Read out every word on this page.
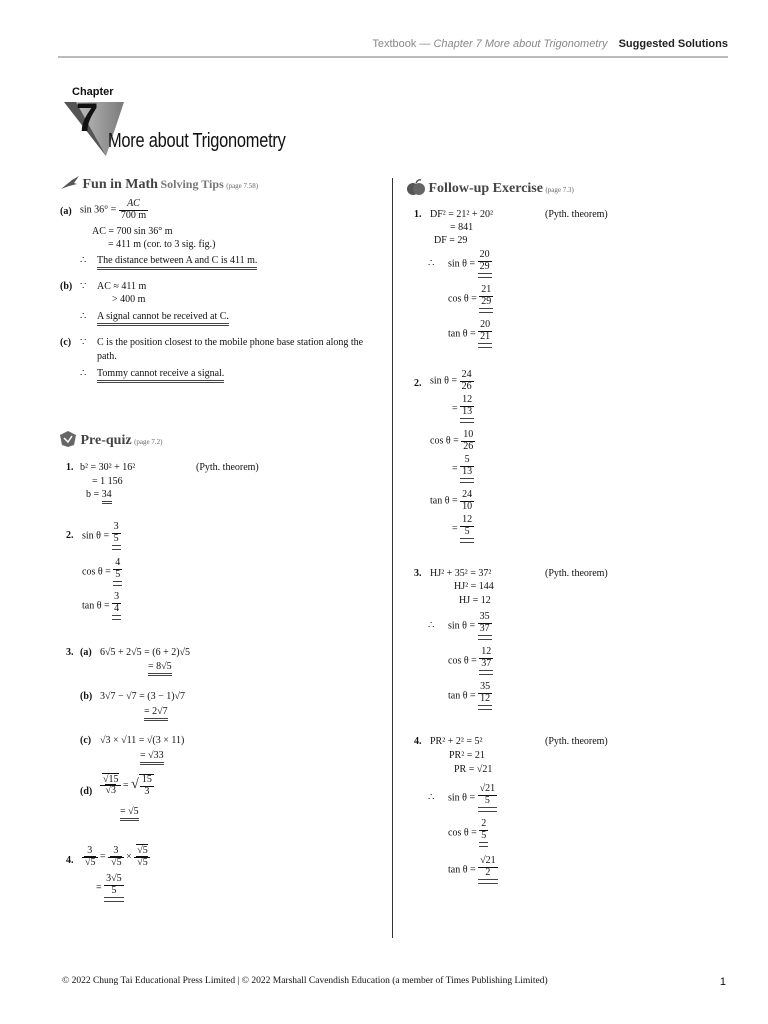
Textbook — Chapter 7 More about Trigonometry Suggested Solutions
Chapter
7
More about Trigonometry
Fun in Math Solving Tips (page 7.58)
(a) $\sin 36^\circ = \frac{AC}{700 m}$
AC = 700 sin 36° m
= 411 m (cor. to 3 sig. fig.)
∴ The distance between A and C is 411 m.
(b) ∵ AC ≈ 411 m
> 400 m
∴ A signal cannot be received at C.
(c) ∵ C is the position closest to the mobile phone base station along the
path.
∴ Tommy cannot receive a signal.
Pre-quiz (page 7.2)
1. b² = 30² + 16²	(Pyth. theorem)
= 1 156
b = 34
2. $\sin \theta = \frac{3}{5}$
$\cos \theta = \frac{4}{5}$
$\tan \theta = \frac{3}{4}$
3. (a) 6√5 + 2√5 = (6 + 2)√5
= 8√5
(b) 3√7 − √7 = (3 − 1)√7
= 2√7
(c) √3 × √11 = √(3 × 11)
= √33
(d) √ 15
√ 3 = √ $\frac{15}{3}$
= √5
4. 3
√ 5 = 3
√ 5 × √ 5
√ 5
= $\frac{3√5}{5}$
Follow-up Exercise (page 7.3)
1. DF² = 21² + 20²	(Pyth. theorem)
= 841
DF = 29
∴ $\sin \theta = \frac{20}{29}$
$\cos \theta = \frac{21}{29}$
$\tan \theta = \frac{20}{21}$
2. $\sin \theta = \frac{24}{26}$
= $\frac{12}{13}$
$\cos \theta = \frac{10}{26}$
= $\frac{5}{13}$
$\tan \theta = \frac{24}{10}$
= $\frac{12}{5}$
3. HJ² + 35² = 37²	(Pyth. theorem)
HJ² = 144
HJ = 12
∴ $\sin \theta = \frac{35}{37}$
$\cos \theta = \frac{12}{37}$
$\tan \theta = \frac{35}{12}$
4. PR² + 2² = 5²	(Pyth. theorem)
PR² = 21
PR = √21
∴ $\sin \theta = \frac{√21}{5}$
$\cos \theta = \frac{2}{5}$
$\tan \theta = \frac{√21}{2}$
© 2022 Chung Tai Educational Press Limited | © 2022 Marshall Cavendish Education (a member of Times Publishing Limited)	1
